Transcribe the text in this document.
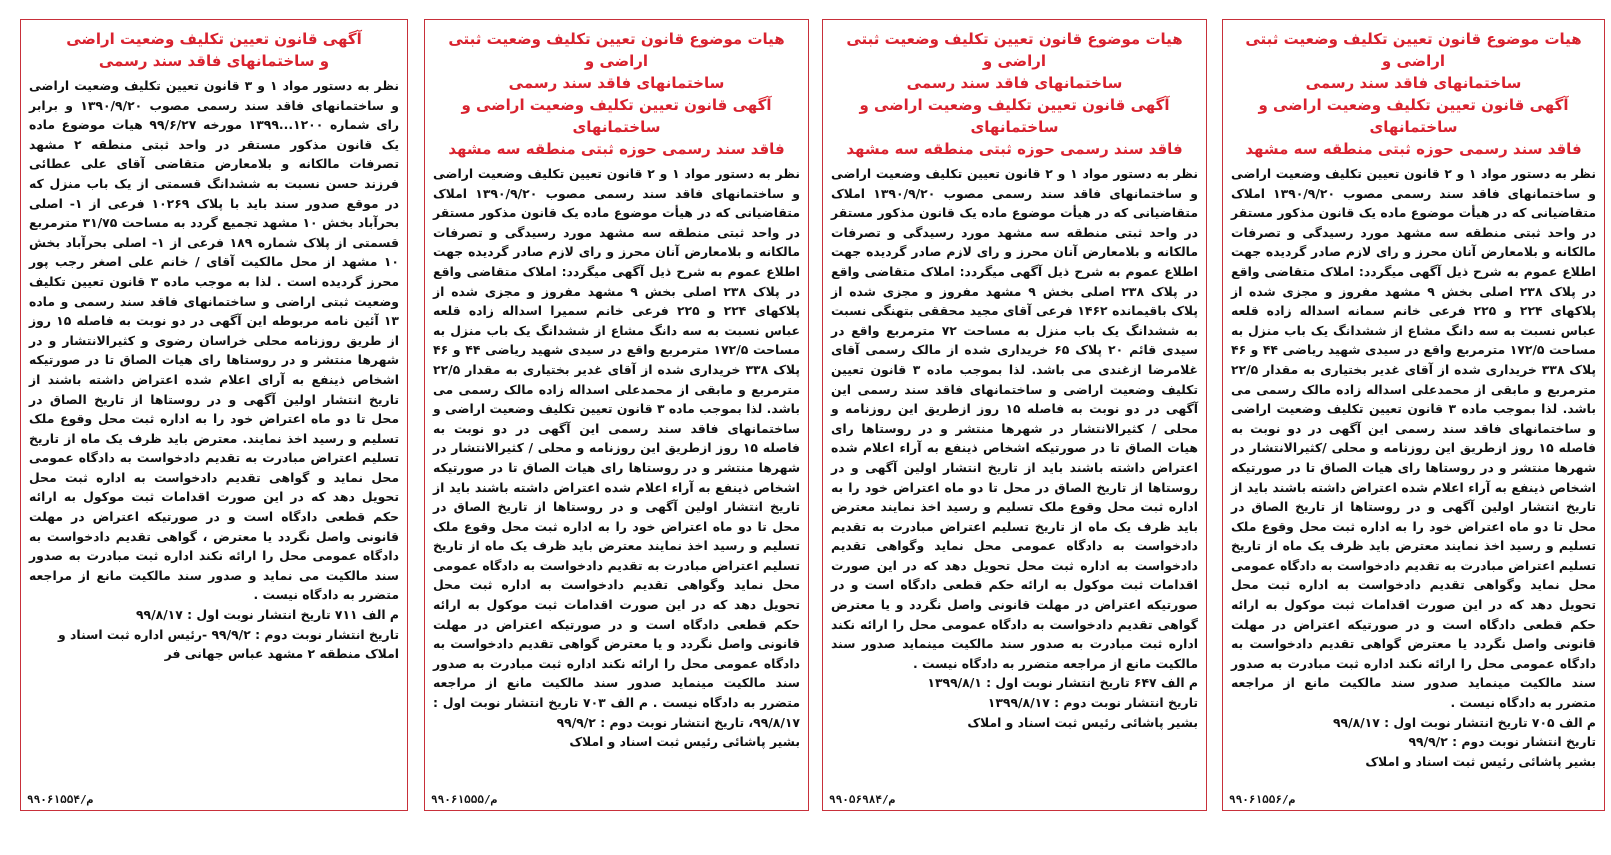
هیات موضوع قانون تعیین تکلیف وضعیت ثبتی اراضی و
ساختمانهای فاقد سند رسمی
آگهی قانون تعیین تکلیف وضعیت اراضی و ساختمانهای
فاقد سند رسمی حوزه ثبتی منطقه سه مشهد
نظر به دستور مواد ۱ و ۲ قانون تعیین تکلیف وضعیت اراضی و ساختمانهای فاقد سند رسمی مصوب ۱۳۹۰/۹/۲۰ املاک متقاضیانی که در هیأت موضوع ماده یک قانون مذکور مستقر در واحد ثبتی منطقه سه مشهد مورد رسیدگی و تصرفات مالکانه و بلامعارض آنان محرز و رای لازم صادر گردیده جهت اطلاع عموم به شرح ذیل آگهی میگردد: املاک متقاضی واقع در پلاک ۲۳۸ اصلی بخش ۹ مشهد مفروز و مجزی شده از پلاکهای ۲۲۴ و ۲۲۵ فرعی خانم سمانه اسداله زاده قلعه عباس نسبت به سه دانگ مشاع از ششدانگ یک باب منزل به مساحت ۱۷۲/۵ مترمربع واقع در سیدی شهید ریاضی ۴۴ و ۴۶ پلاک ۳۳۸ خریداری شده از آقای غدیر بختیاری به مقدار ۲۲/۵ مترمربع و مابقی از محمدعلی اسداله زاده مالک رسمی می باشد. لذا بموجب ماده ۳ قانون تعیین تکلیف وضعیت اراضی و ساختمانهای فاقد سند رسمی این آگهی در دو نوبت به فاصله ۱۵ روز ازطریق این روزنامه و محلی /کثیرالانتشار در شهرها منتشر و در روستاها رای هیات الصاق تا در صورتیکه اشخاص ذینفع به آراء اعلام شده اعتراض داشته باشند باید از تاریخ انتشار اولین آگهی و در روستاها از تاریخ الصاق در محل تا دو ماه اعتراض خود را به اداره ثبت محل وقوع ملک تسلیم و رسید اخذ نمایند معترض باید ظرف یک ماه از تاریخ تسلیم اعتراض مبادرت به تقدیم دادخواست به دادگاه عمومی محل نماید وگواهی تقدیم دادخواست به اداره ثبت محل تحویل دهد که در این صورت اقدامات ثبت موکول به ارائه حکم قطعی دادگاه است و در صورتیکه اعتراض در مهلت قانونی واصل نگردد یا معترض گواهی تقدیم دادخواست به دادگاه عمومی محل را ارائه نکند اداره ثبت مبادرت به صدور سند مالکیت مینماید صدور سند مالکیت مانع از مراجعه متضرر به دادگاه نیست .
م الف ۷۰۵ تاریخ انتشار نوبت اول : ۹۹/۸/۱۷
تاریخ انتشار نوبت دوم : ۹۹/۹/۲
بشیر پاشائی رئیس ثبت اسناد و املاک
م/۹۹۰۶۱۵۵۶
هیات موضوع قانون تعیین تکلیف وضعیت ثبتی اراضی و
ساختمانهای فاقد سند رسمی
آگهی قانون تعیین تکلیف وضعیت اراضی و ساختمانهای
فاقد سند رسمی حوزه ثبتی منطقه سه مشهد
نظر به دستور مواد ۱ و ۲ قانون تعیین تکلیف وضعیت اراضی و ساختمانهای فاقد سند رسمی مصوب ۱۳۹۰/۹/۲۰ املاک متقاضیانی که در هیأت موضوع ماده یک قانون مذکور مستقر در واحد ثبتی منطقه سه مشهد مورد رسیدگی و تصرفات مالکانه و بلامعارض آنان محرز و رای لازم صادر گردیده جهت اطلاع عموم به شرح ذیل آگهی میگردد: املاک متقاضی واقع در پلاک ۲۳۸ اصلی بخش ۹ مشهد مفروز و مجزی شده از پلاک باقیمانده ۱۴۶۲ فرعی آقای مجید محققی بتهنگی نسبت به ششدانگ یک باب منزل به مساحت ۷۲ مترمربع واقع در سیدی قائم ۲۰ پلاک ۶۵ خریداری شده از مالک رسمی آقای غلامرضا ازغندی می باشد. لذا بموجب ماده ۳ قانون تعیین تکلیف وضعیت اراضی و ساختمانهای فاقد سند رسمی این آگهی در دو نوبت به فاصله ۱۵ روز ازطریق این روزنامه و محلی / کثیرالانتشار در شهرها منتشر و در روستاها رای هیات الصاق تا در صورتیکه اشخاص ذینفع به آراء اعلام شده اعتراض داشته باشند باید از تاریخ انتشار اولین آگهی و در روستاها از تاریخ الصاق در محل تا دو ماه اعتراض خود را به اداره ثبت محل وقوع ملک تسلیم و رسید اخذ نمایند معترض باید ظرف یک ماه از تاریخ تسلیم اعتراض مبادرت به تقدیم دادخواست به دادگاه عمومی محل نماید وگواهی تقدیم دادخواست به اداره ثبت محل تحویل دهد که در این صورت اقدامات ثبت موکول به ارائه حکم قطعی دادگاه است و در صورتیکه اعتراض در مهلت قانونی واصل نگردد و یا معترض گواهی تقدیم دادخواست به دادگاه عمومی محل را ارائه نکند اداره ثبت مبادرت به صدور سند مالکیت مینماید صدور سند مالکیت مانع از مراجعه متضرر به دادگاه نیست .
م الف ۶۴۷ تاریخ انتشار نوبت اول : ۱۳۹۹/۸/۱
تاریخ انتشار نوبت دوم : ۱۳۹۹/۸/۱۷
بشیر پاشائی رئیس ثبت اسناد و املاک
م/۹۹۰۵۶۹۸۴
هیات موضوع قانون تعیین تکلیف وضعیت ثبتی اراضی و
ساختمانهای فاقد سند رسمی
آگهی قانون تعیین تکلیف وضعیت اراضی و ساختمانهای
فاقد سند رسمی حوزه ثبتی منطقه سه مشهد
نظر به دستور مواد ۱ و ۲ قانون تعیین تکلیف وضعیت اراضی و ساختمانهای فاقد سند رسمی مصوب ۱۳۹۰/۹/۲۰ املاک متقاضیانی که در هیأت موضوع ماده یک قانون مذکور مستقر در واحد ثبتی منطقه سه مشهد مورد رسیدگی و تصرفات مالکانه و بلامعارض آنان محرز و رای لازم صادر گردیده جهت اطلاع عموم به شرح ذیل آگهی میگردد: املاک متقاضی واقع در پلاک ۲۳۸ اصلی بخش ۹ مشهد مفروز و مجزی شده از پلاکهای ۲۲۴ و ۲۲۵ فرعی خانم سمیرا اسداله زاده قلعه عباس نسبت به سه دانگ مشاع از ششدانگ یک باب منزل به مساحت ۱۷۲/۵ مترمربع واقع در سیدی شهید ریاضی ۴۴ و ۴۶ پلاک ۳۳۸ خریداری شده از آقای غدیر بختیاری به مقدار ۲۲/۵ مترمربع و مابقی از محمدعلی اسداله زاده مالک رسمی می باشد. لذا بموجب ماده ۳ قانون تعیین تکلیف وضعیت اراضی و ساختمانهای فاقد سند رسمی این آگهی در دو نوبت به فاصله ۱۵ روز ازطریق این روزنامه و محلی / کثیرالانتشار در شهرها منتشر و در روستاها رای هیات الصاق تا در صورتیکه اشخاص ذینفع به آراء اعلام شده اعتراض داشته باشند باید از تاریخ انتشار اولین آگهی و در روستاها از تاریخ الصاق در محل تا دو ماه اعتراض خود را به اداره ثبت محل وقوع ملک تسلیم و رسید اخذ نمایند معترض باید ظرف یک ماه از تاریخ تسلیم اعتراض مبادرت به تقدیم دادخواست به دادگاه عمومی محل نماید وگواهی تقدیم دادخواست به اداره ثبت محل تحویل دهد که در این صورت اقدامات ثبت موکول به ارائه حکم قطعی دادگاه است و در صورتیکه اعتراض در مهلت قانونی واصل نگردد و یا معترض گواهی تقدیم دادخواست به دادگاه عمومی محل را ارائه نکند اداره ثبت مبادرت به صدور سند مالکیت مینماید صدور سند مالکیت مانع از مراجعه متضرر به دادگاه نیست . م الف ۷۰۳ تاریخ انتشار نوبت اول : ۹۹/۸/۱۷، تاریخ انتشار نوبت دوم : ۹۹/۹/۲
بشیر پاشائی رئیس ثبت اسناد و املاک
م/۹۹۰۶۱۵۵۵
آگهی قانون تعیین تکلیف وضعیت اراضی
و ساختمانهای فاقد سند رسمی
نظر به دستور مواد ۱ و ۳ قانون تعیین تکلیف وضعیت اراضی و ساختمانهای فاقد سند رسمی مصوب ۱۳۹۰/۹/۲۰ و برابر رای شماره ۱۲۰۰...۱۳۹۹ مورخه ۹۹/۶/۲۷ هیات موضوع ماده یک قانون مذکور مستقر در واحد ثبتی منطقه ۲ مشهد تصرفات مالکانه و بلامعارض متقاضی آقای علی عطائی فرزند حسن نسبت به ششدانگ قسمتی از یک باب منزل که در موقع صدور سند باید با پلاک ۱۰۲۶۹ فرعی از ۱- اصلی بحرآباد بخش ۱۰ مشهد تجمیع گردد به مساحت ۳۱/۷۵ مترمربع قسمتی از پلاک شماره ۱۸۹ فرعی از ۱- اصلی بحرآباد بخش ۱۰ مشهد از محل مالکیت آقای / خانم علی اصغر رجب پور محرز گردیده است . لذا به موجب ماده ۳ قانون تعیین تکلیف وضعیت ثبتی اراضی و ساختمانهای فاقد سند رسمی و ماده ۱۳ آئین نامه مربوطه این آگهی در دو نوبت به فاصله ۱۵ روز از طریق روزنامه محلی خراسان رضوی و کثیرالانتشار و در شهرها منتشر و در روستاها رای هیات الصاق تا در صورتیکه اشخاص ذینفع به آرای اعلام شده اعتراض داشته باشند از تاریخ انتشار اولین آگهی و در روستاها از تاریخ الصاق در محل تا دو ماه اعتراض خود را به اداره ثبت محل وقوع ملک تسلیم و رسید اخذ نمایند. معترض باید ظرف یک ماه از تاریخ تسلیم اعتراض مبادرت به تقدیم دادخواست به دادگاه عمومی محل نماید و گواهی تقدیم دادخواست به اداره ثبت محل تحویل دهد که در این صورت اقدامات ثبت موکول به ارائه حکم قطعی دادگاه است و در صورتیکه اعتراض در مهلت قانونی واصل نگردد یا معترض ، گواهی تقدیم دادخواست به دادگاه عمومی محل را ارائه نکند اداره ثبت مبادرت به صدور سند مالکیت می نماید و صدور سند مالکیت مانع از مراجعه متضرر به دادگاه نیست .
م الف ۷۱۱ تاریخ انتشار نوبت اول : ۹۹/۸/۱۷
تاریخ انتشار نوبت دوم : ۹۹/۹/۲ -رئیس اداره ثبت اسناد و
املاک منطقه ۲ مشهد عباس جهانی فر
م/۹۹۰۶۱۵۵۴
